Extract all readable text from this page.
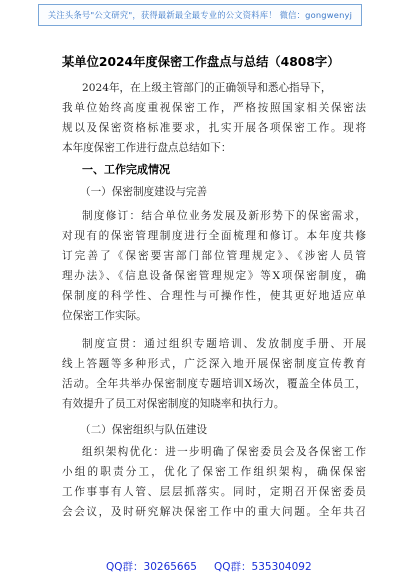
关注头条号"公文研究"，获得最新最全最专业的公文资料库！ 微信：gongwenyj
某单位2024年度保密工作盘点与总结（4808字）
2024年，在上级主管部门的正确领导和悉心指导下，
我单位始终高度重视保密工作，严格按照国家相关保密法
规以及保密资格标准要求，扎实开展各项保密工作。现将
本年度保密工作进行盘点总结如下：
一、工作完成情况
（一）保密制度建设与完善
制度修订：结合单位业务发展及新形势下的保密需求，
对现有的保密管理制度进行全面梳理和修订。本年度共修
订完善了《保密要害部门部位管理规定》、《涉密人员管
理办法》、《信息设备保密管理规定》等X项保密制度，确
保制度的科学性、合理性与可操作性，使其更好地适应单
位保密工作实际。
制度宣贯：通过组织专题培训、发放制度手册、开展
线上答题等多种形式，广泛深入地开展保密制度宣传教育
活动。全年共举办保密制度专题培训X场次，覆盖全体员工，
有效提升了员工对保密制度的知晓率和执行力。
（二）保密组织与队伍建设
组织架构优化：进一步明确了保密委员会及各保密工作
小组的职责分工，优化了保密工作组织架构，确保保密
工作事事有人管、层层抓落实。同时，定期召开保密委员
会会议，及时研究解决保密工作中的重大问题。全年共召
QQ群：30265665 QQ群：535304092
